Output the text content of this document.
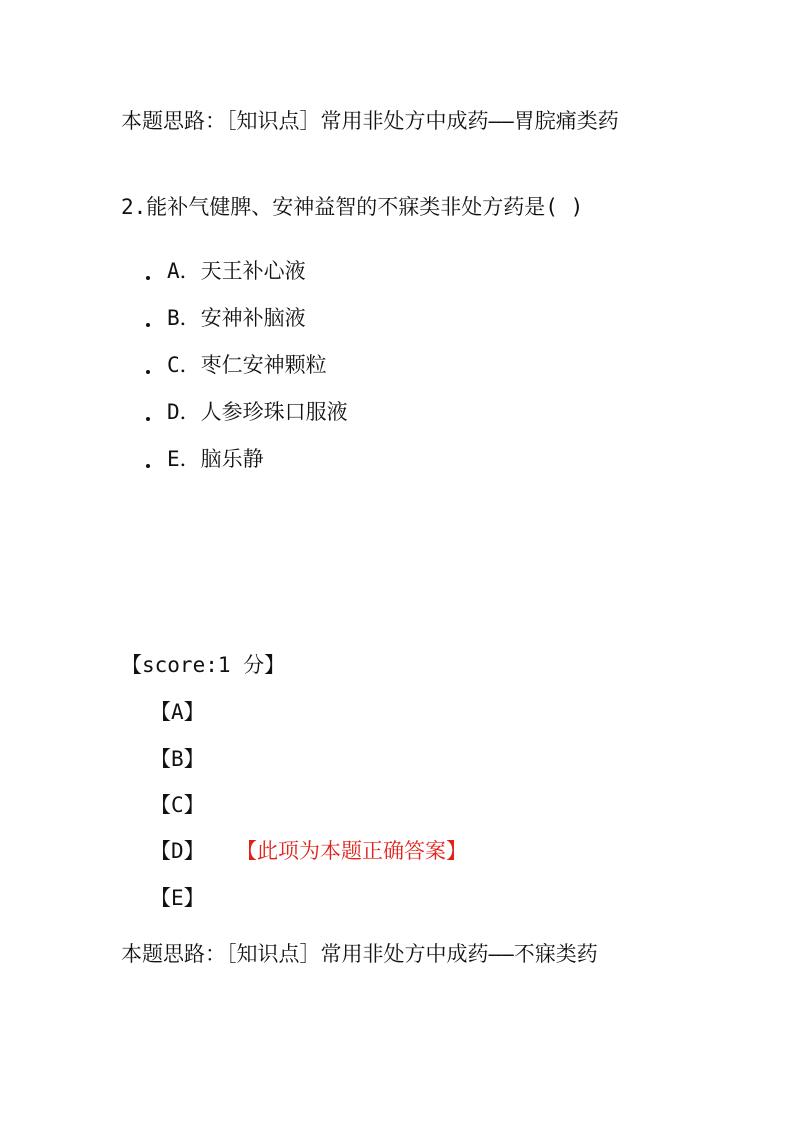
本题思路：［知识点］常用非处方中成药——胃脘痛类药

2.能补气健脾、安神益智的不寐类非处方药是( )

A．天王补心液
B．安神补脑液
C．枣仁安神颗粒
D．人参珍珠口服液
E．脑乐静
【score:1 分】
【A】
【B】
【C】
【D】 【此项为本题正确答案】
【E】

本题思路：［知识点］常用非处方中成药——不寐类药
